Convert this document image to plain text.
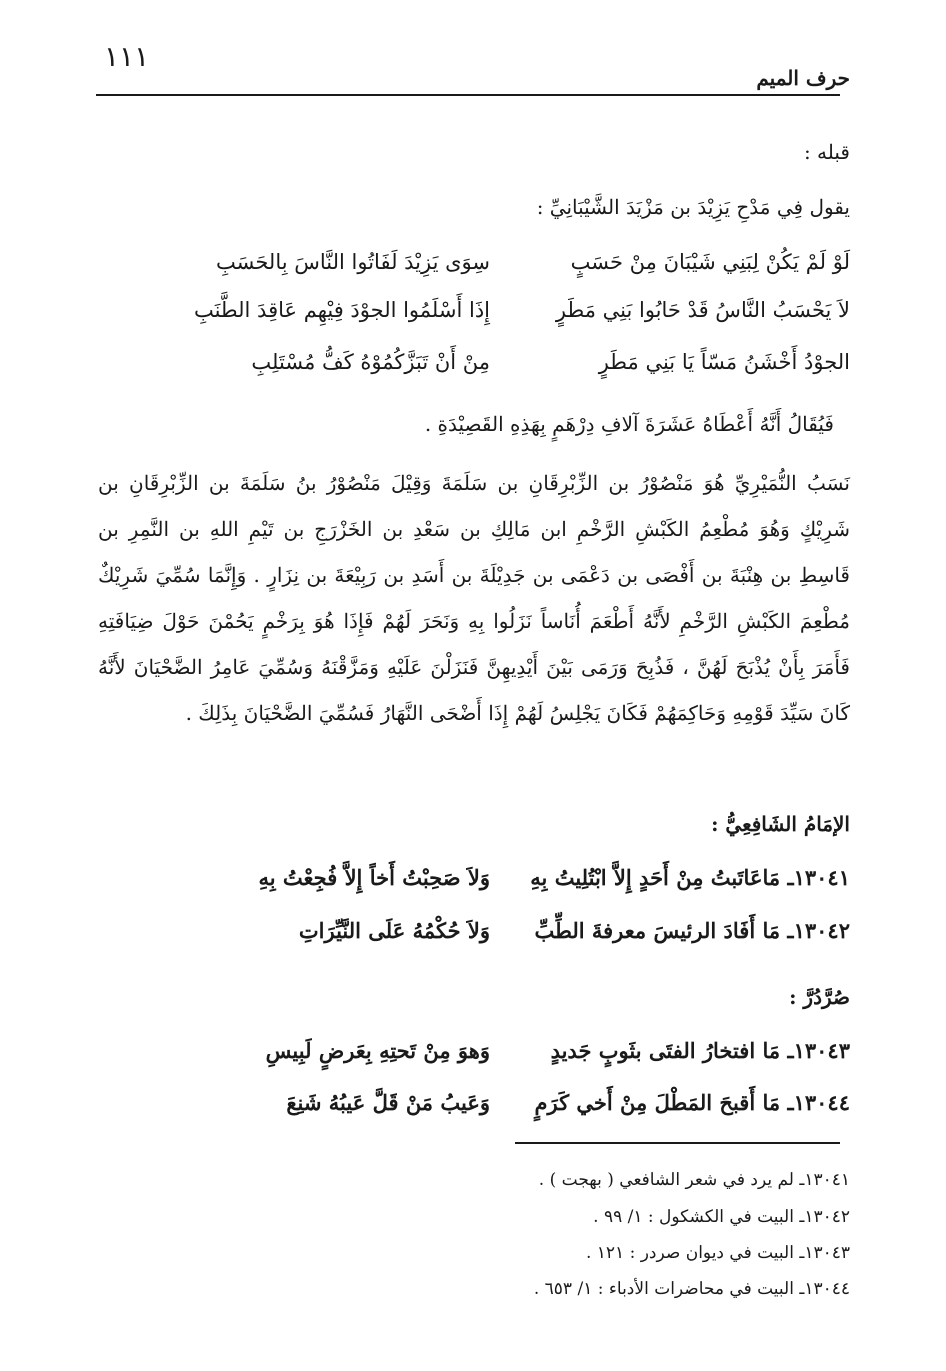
حرف الميم
١١١
قبله :
يقول فِي مَدْحِ يَزِيْدَ بن مَزْيَدَ الشَّيْبَانِيِّ :
لَوْ لَمْ يَكُنْ لِبَنِي شَيْبَانَ مِنْ حَسَبٍ
سِوَى يَزِيْدَ لَفَاتُوا النَّاسَ بِالحَسَبِ
لاَ يَحْسَبُ النَّاسُ قَدْ حَابُوا بَنِي مَطَرٍ
إِذَا أَسْلَمُوا الجوْدَ فِيْهِم عَاقِدَ الطَّنَبِ
الجوْدُ أَخْشَنُ مَسّاً يَا بَنِي مَطَرٍ
مِنْ أَنْ تَبَزَّكُمُوْهُ كَفُّ مُسْتَلِبِ
فَيُقَالُ أَنَّهُ أَعْطَاهُ عَشَرَةَ آلافِ دِرْهَمٍ بِهَذِهِ القَصِيْدَةِ .
نَسَبُ النُّمَيْرِيِّ هُوَ مَنْصُوْرُ بن الزِّبْرِقَانِ بن سَلَمَةَ وَقِيْلَ مَنْصُوْرُ بنُ سَلَمَةَ بن الزِّبْرِقَانِ بن شَرِيْكٍ وَهُوَ مُطْعِمُ الكَبْشِ الرَّخْمِ ابن مَالِكِ بن سَعْدِ بن الخَزْرَجِ بن تَيْمِ اللهِ بن النَّمِرِ بن قَاسِطِ بن هِنْبَةَ بن أَفْصَى بن دَعْمَى بن جَدِيْلَةَ بن أَسَدِ بن رَبِيْعَةَ بن نِزَارٍ . وَإِنَّمَا سُمِّيَ شَرِيْكٌ مُطْعِمَ الكَبْشِ الرَّخْمِ لأَنَّهُ أَطْعَمَ أُنَاساً نَزَلُوا بِهِ وَنَحَرَ لَهُمْ فَإِذَا هُوَ بِرَخْمٍ يَحُمْنَ حَوْلَ ضِيَافَتِهِ فَأَمَرَ بِأَنْ يُذْبَحَ لَهُنَّ ، فَذُبِحَ وَرَمَى بَيْنَ أَيْدِيهِنَّ فَنَزَلْنَ عَلَيْهِ وَمَزَّقْنَهُ وَسُمِّيَ عَامِرُ الضَّحْيَانَ لأَنَّهُ كَانَ سَيِّدَ قَوْمِهِ وَحَاكِمَهُمْ فَكَانَ يَجْلِسُ لَهُمْ إِذَا أَضْحَى النَّهَارُ فَسُمِّيَ الضَّحْيَانَ بِذَلِكَ .
الإمَامُ الشَافِعِيُّ :
١٣٠٤١ـ مَاعَاتَبتُ مِنْ أَحَدٍ إِلاَّ ابْتُلِيتُ بِهِ
وَلاَ صَحِبْتُ أَخاً إِلاَّ فُجِعْتُ بِهِ
١٣٠٤٢ـ مَا أَفَادَ الرئيسَ معرفةَ الطِّبِّ
وَلاَ حُكْمُهُ عَلَى النَّيِّرَاتِ
صُرَّدُرَّ :
١٣٠٤٣ـ مَا افتخارُ الفتَى بثَوبٍ جَديدٍ
وَهوَ مِنْ تَحتِهِ بِعَرضٍ لَبِيسِ
١٣٠٤٤ـ مَا أَقبحَ المَطْلَ مِنْ أَخي كَرَمٍ
وَعَيبُ مَنْ قَلَّ عَيبُهُ شَنِعَ
١٣٠٤١ـ لم يرد في شعر الشافعي ( بهجت ) .
١٣٠٤٢ـ البيت في الكشكول : ١/ ٩٩ .
١٣٠٤٣ـ البيت في ديوان صردر : ١٢١ .
١٣٠٤٤ـ البيت في محاضرات الأدباء : ١/ ٦٥٣ .
